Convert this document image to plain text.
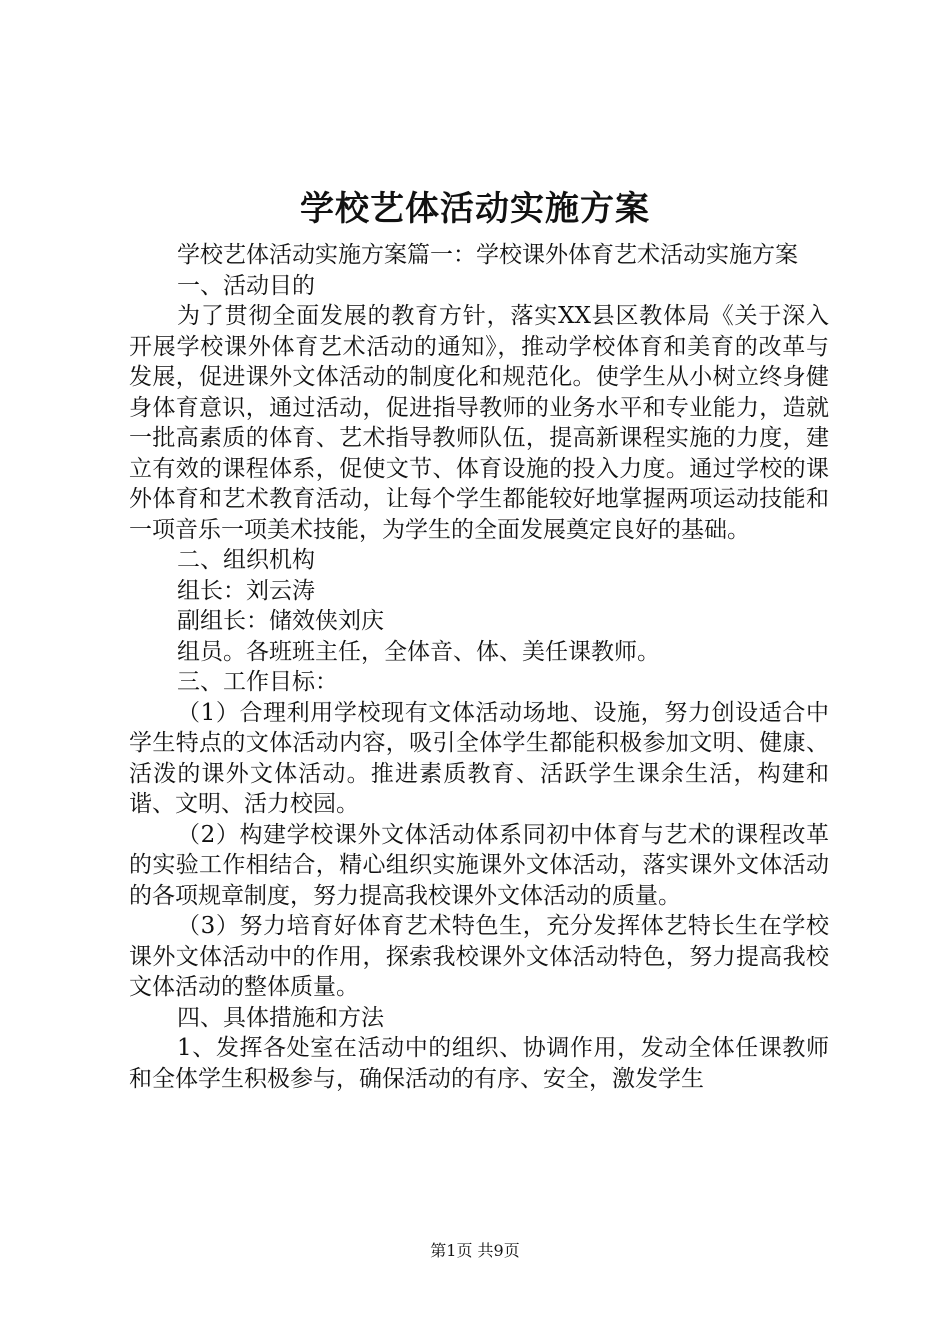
学校艺体活动实施方案

学校艺体活动实施方案篇一：学校课外体育艺术活动实施方案

一、活动目的

为了贯彻全面发展的教育方针，落实XX县区教体局《关于深入开展学校课外体育艺术活动的通知》，推动学校体育和美育的改革与发展，促进课外文体活动的制度化和规范化。使学生从小树立终身健身体育意识，通过活动，促进指导教师的业务水平和专业能力，造就一批高素质的体育、艺术指导教师队伍，提高新课程实施的力度，建立有效的课程体系，促使文节、体育设施的投入力度。通过学校的课外体育和艺术教育活动，让每个学生都能较好地掌握两项运动技能和一项音乐一项美术技能，为学生的全面发展奠定良好的基础。

二、组织机构

组长：刘云涛

副组长：储效侠刘庆

组员。各班班主任，全体音、体、美任课教师。

三、工作目标：

（1）合理利用学校现有文体活动场地、设施，努力创设适合中学生特点的文体活动内容，吸引全体学生都能积极参加文明、健康、活泼的课外文体活动。推进素质教育、活跃学生课余生活，构建和谐、文明、活力校园。

（2）构建学校课外文体活动体系同初中体育与艺术的课程改革的实验工作相结合，精心组织实施课外文体活动，落实课外文体活动的各项规章制度，努力提高我校课外文体活动的质量。

（3）努力培育好体育艺术特色生，充分发挥体艺特长生在学校课外文体活动中的作用，探索我校课外文体活动特色，努力提高我校文体活动的整体质量。

四、具体措施和方法

1、发挥各处室在活动中的组织、协调作用，发动全体任课教师和全体学生积极参与，确保活动的有序、安全，激发学生

第1页 共9页
